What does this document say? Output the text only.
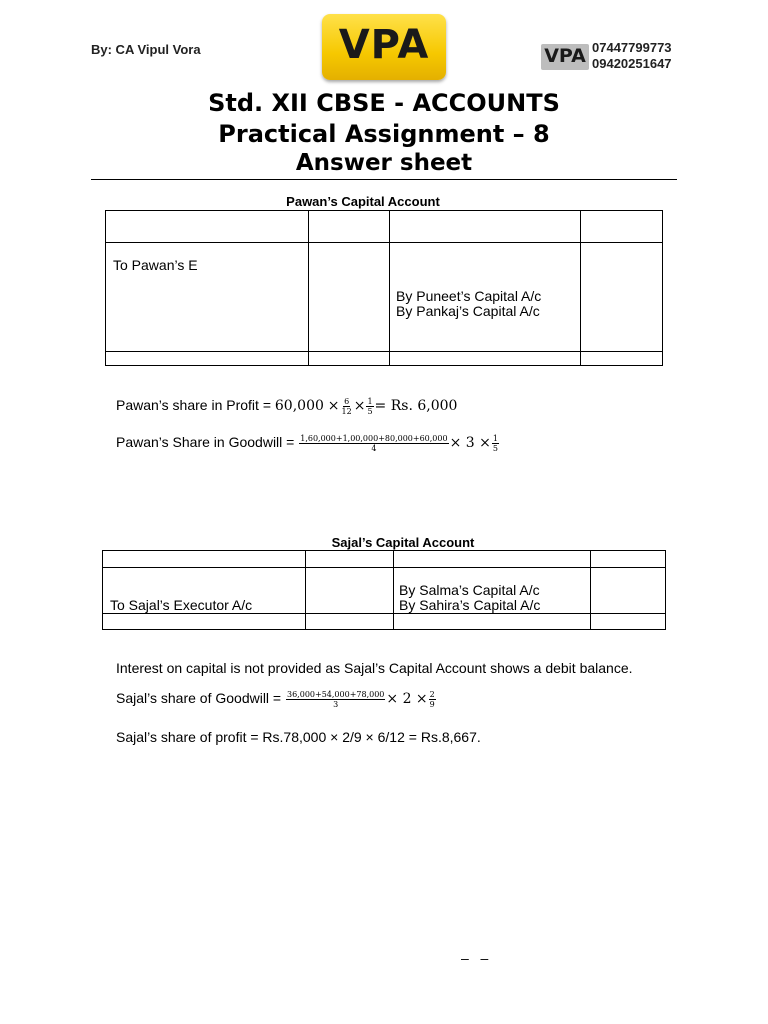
By: CA Vipul Vora	VPA	VPA 07447799773
09420251647
Std. XII CBSE - ACCOUNTS
Practical Assignment – 8
Answer sheet
Pawan’s Capital Account
To Pawan’s E
By Puneet’s Capital A/c
By Pankaj’s Capital A/c
Pawan’s share in Profit = $60,000 \times \frac{6}{12} \times \frac{1}{5} = Rs$. 6,000
Pawan’s Share in Goodwill = $\frac{1,60,000+1,00,000+80,000+60,000}{4} \times 3 \times \frac{1}{5}$
Sajal’s Capital Account
To Sajal’s Executor A/c
By Salma’s Capital A/c
By Sahira’s Capital A/c
Interest on capital is not provided as Sajal’s Capital Account shows a debit balance.
Sajal’s share of Goodwill = $\frac{36,000+54,000+78,000}{3} \times 2 \times \frac{2}{9}$
Sajal’s share of profit = Rs.78,000 × 2/9 × 6/12 = Rs.8,667.
–   –
